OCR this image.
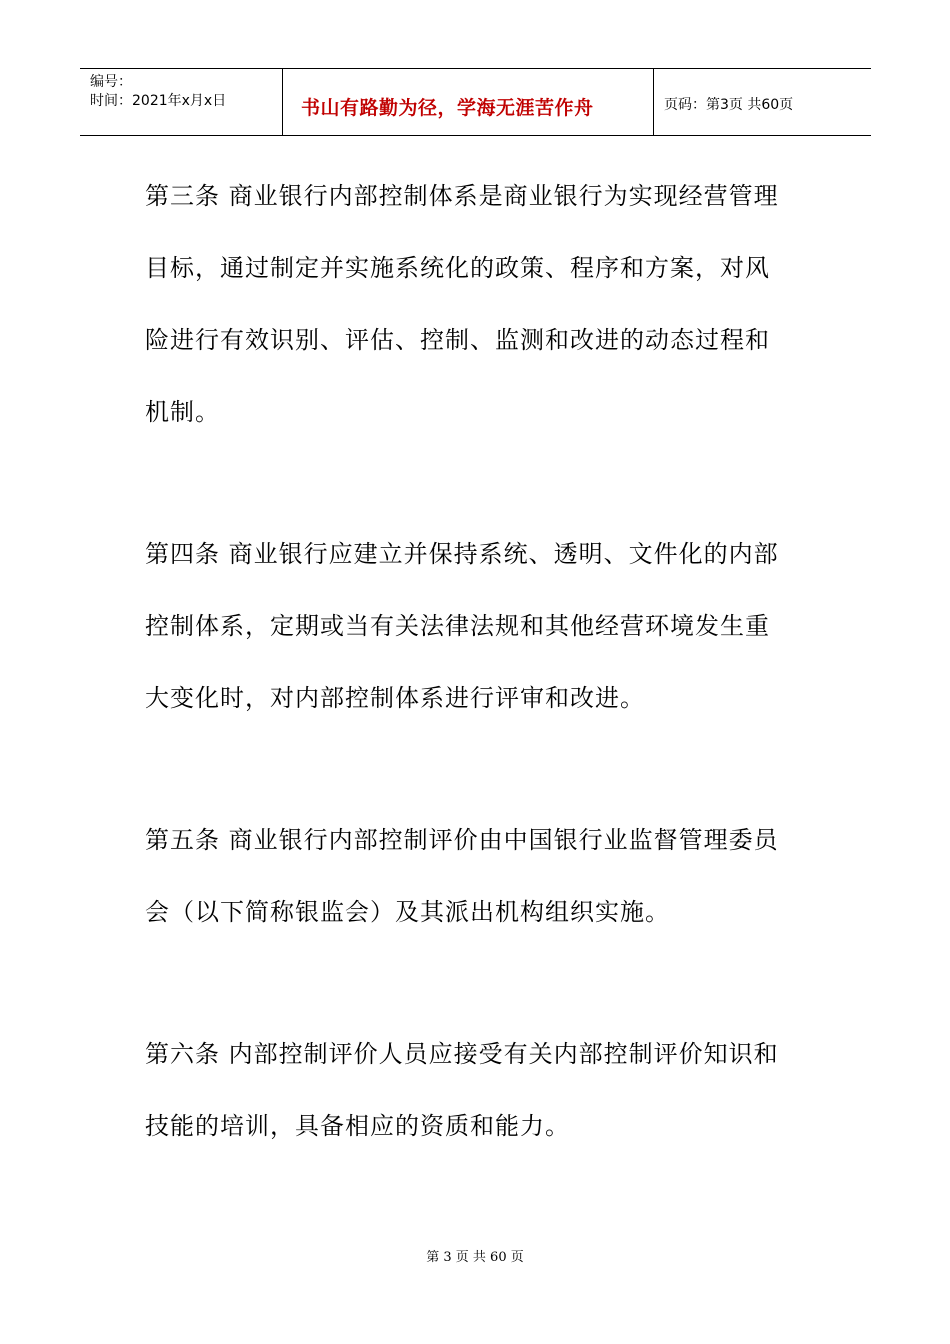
编号：
时间：2021年x月x日	书山有路勤为径，学海无涯苦作舟	页码：第3页 共60页
第三条 商业银行内部控制体系是商业银行为实现经营管理
目标，通过制定并实施系统化的政策、程序和方案，对风
险进行有效识别、评估、控制、监测和改进的动态过程和
机制。
第四条 商业银行应建立并保持系统、透明、文件化的内部
控制体系，定期或当有关法律法规和其他经营环境发生重
大变化时，对内部控制体系进行评审和改进。
第五条 商业银行内部控制评价由中国银行业监督管理委员
会（以下简称银监会）及其派出机构组织实施。
第六条 内部控制评价人员应接受有关内部控制评价知识和
技能的培训，具备相应的资质和能力。
第 3 页 共 60 页
